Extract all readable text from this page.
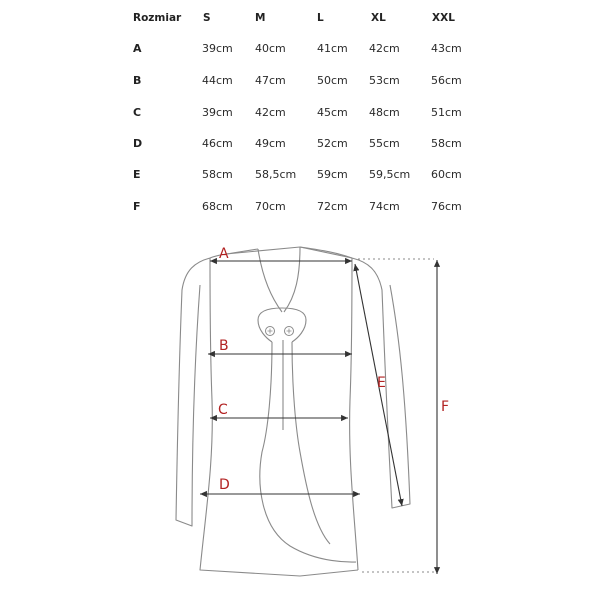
Rozmiar S	M	L	XL	XXL
A	39cm 40cm	41cm 42cm	43cm
B	44cm 47cm	50cm 53cm	56cm
C	39cm 42cm	45cm 48cm	51cm
D	46cm 49cm	52cm 55cm	58cm
E	58cm 58,5cm 59cm 59,5cm 60cm
F	68cm 70cm	72cm 74cm	76cm
A
B
C
D
E
F
